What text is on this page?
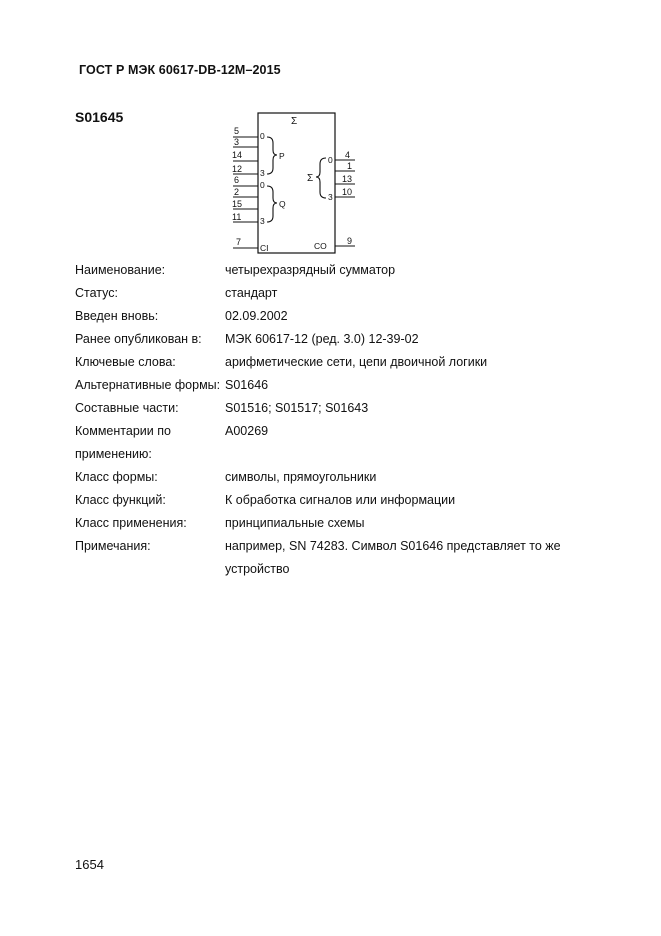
ГОСТ Р МЭК 60617-DB-12M–2015
S01645	Σ
5
3
14
12
6
2
15
11
7
4
1
13
10
9
0
3
0
3
0
3
P
Q
Σ
CI	CO
Наименование:	четырехразрядный сумматор
Статус:	стандарт
Введен вновь:	02.09.2002
Ранее опубликован в:	МЭК 60617-12 (ред. 3.0) 12-39-02
Ключевые слова:	арифметические сети, цепи двоичной логики
Альтернативные формы: S01646
Составные части:	S01516; S01517; S01643
Комментарии по применению:
A00269
Класс формы:	символы, прямоугольники
Класс функций:	К обработка сигналов или информации
Класс применения:	принципиальные схемы
Примечания:	например, SN 74283. Символ S01646 представляет то же устройство
1654
